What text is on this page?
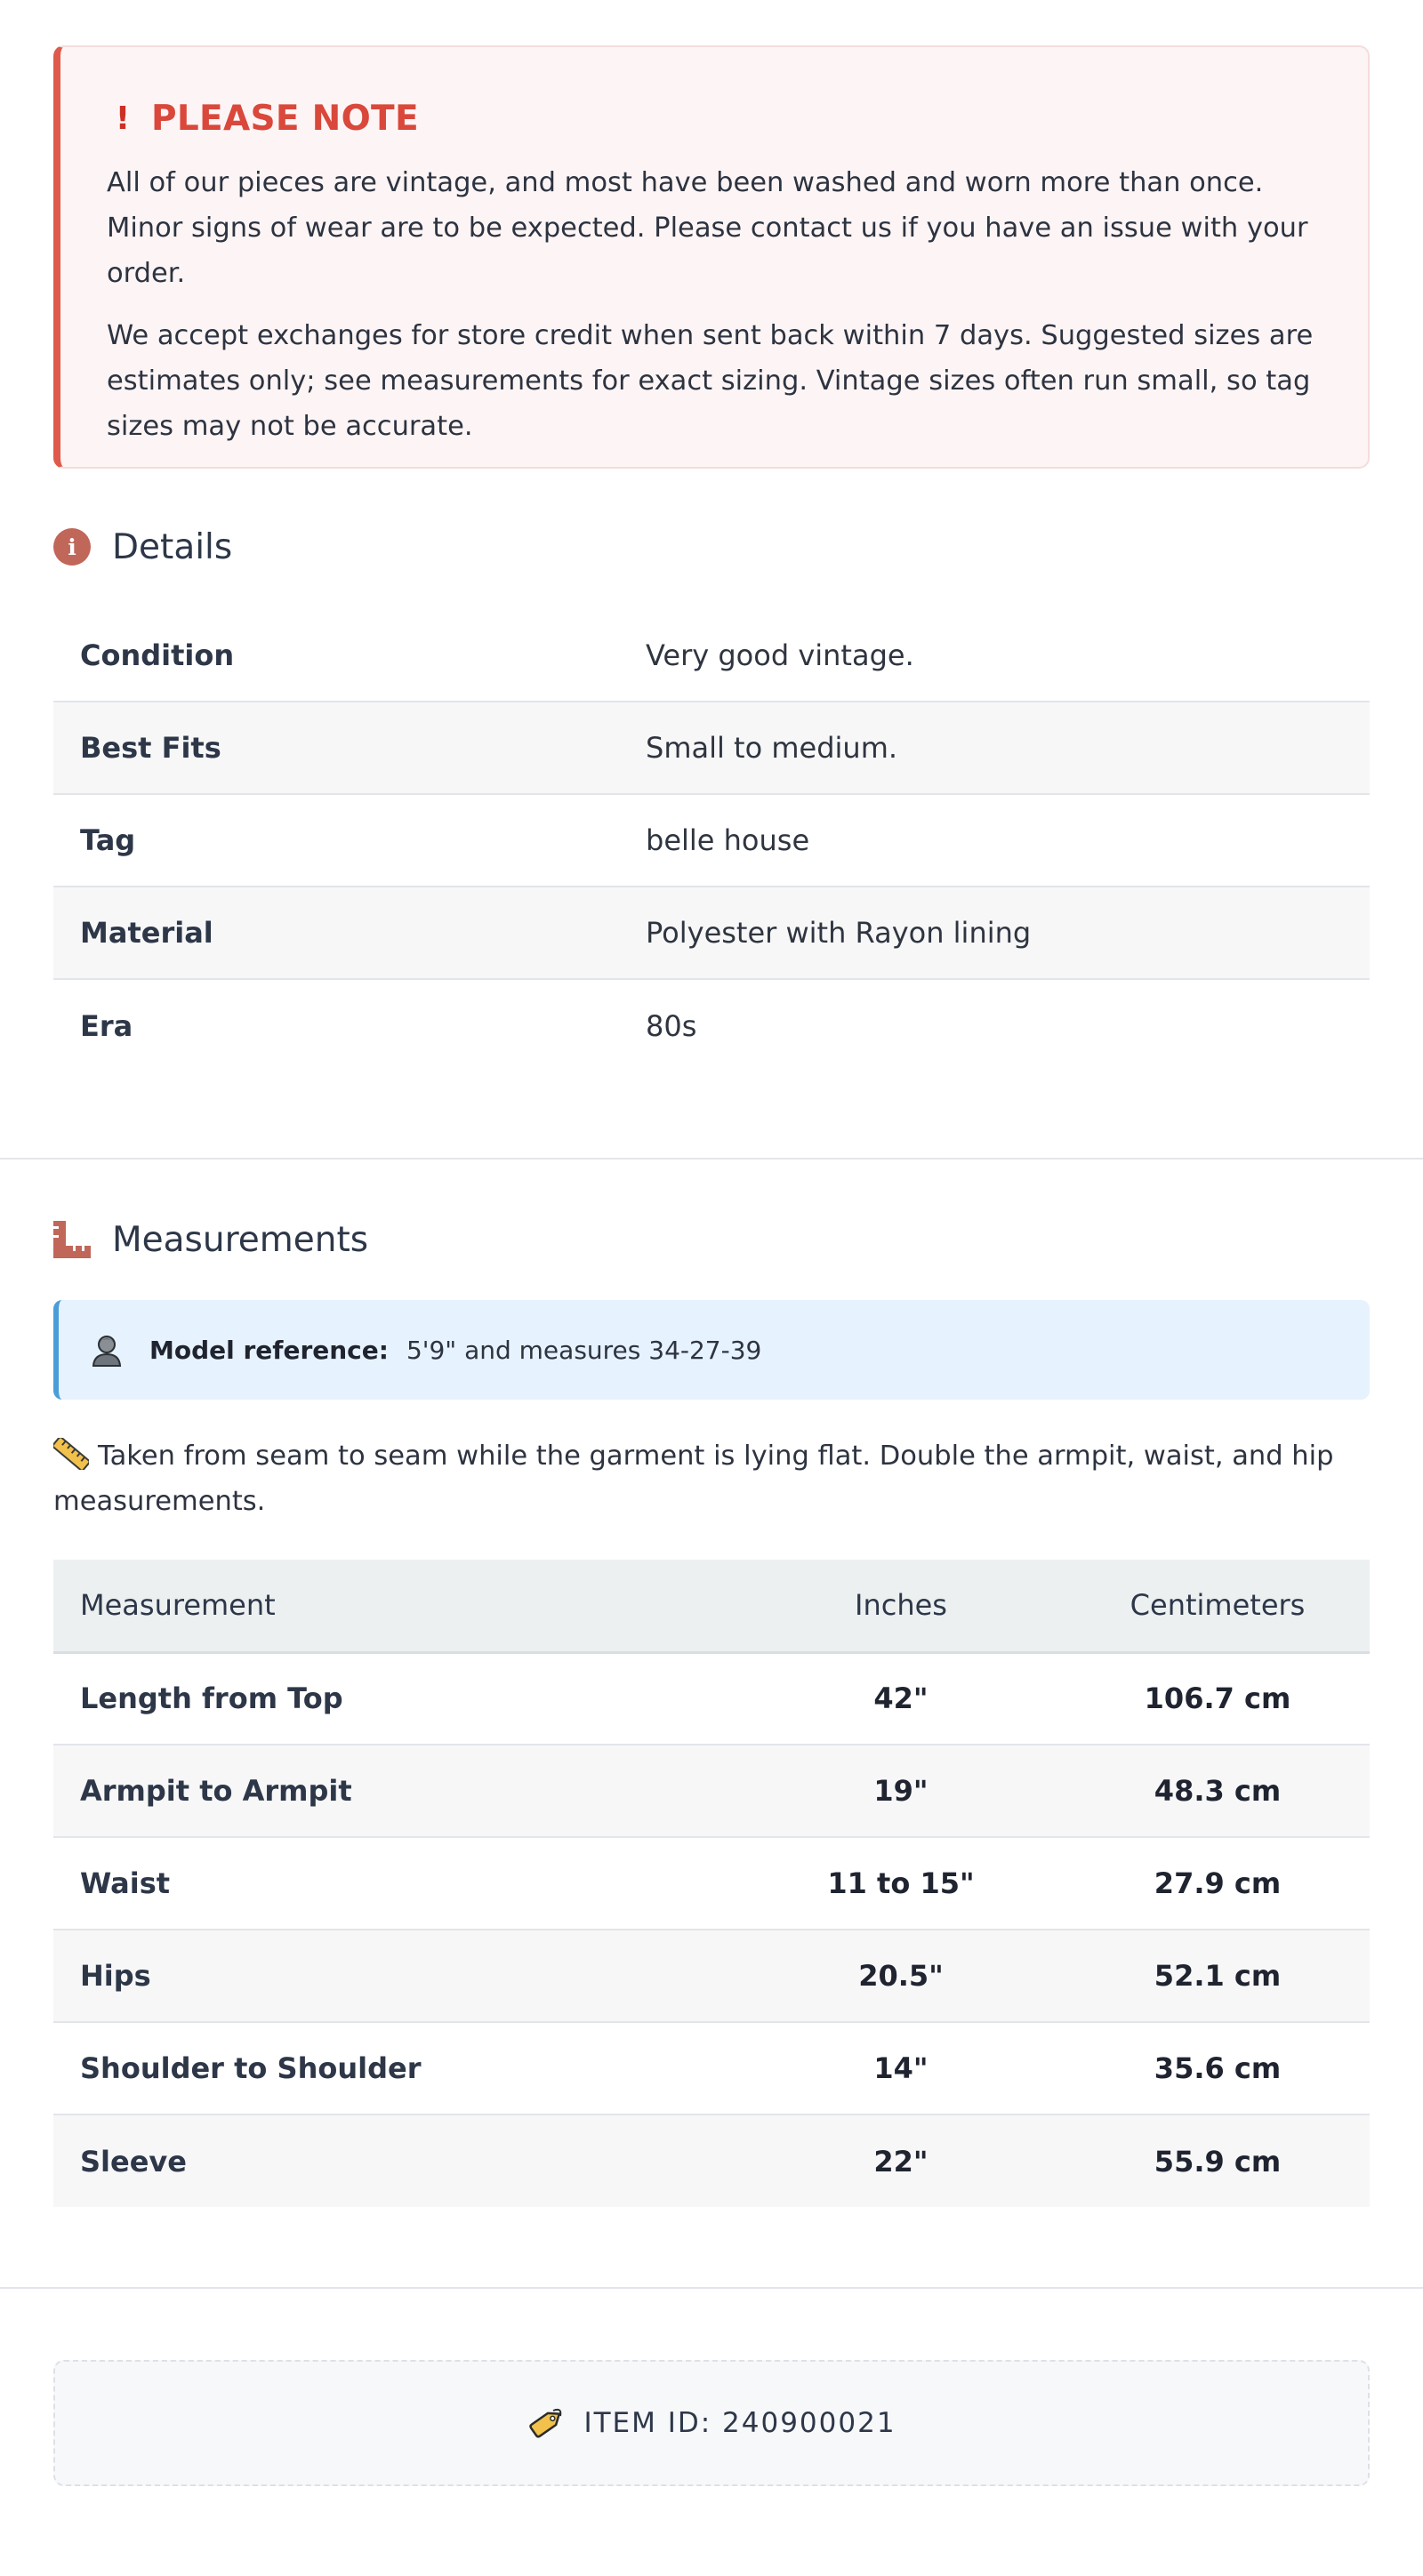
! PLEASE NOTE

All of our pieces are vintage, and most have been washed and worn more than once. Minor signs of wear are to be expected. Please contact us if you have an issue with your order.

We accept exchanges for store credit when sent back within 7 days. Suggested sizes are estimates only; see measurements for exact sizing. Vintage sizes often run small, so tag sizes may not be accurate.

i	Details
Condition	Very good vintage.
Best Fits	Small to medium.
Tag	belle house
Material	Polyester with Rayon lining
Era	80s
Measurements
Model reference: 5'9" and measures 34-27-39

Taken from seam to seam while the garment is lying flat. Double the armpit, waist, and hip measurements.

Measurement	Inches	Centimeters
Length from Top	42"	106.7 cm
Armpit to Armpit	19"	48.3 cm
Waist	11 to 15"	27.9 cm
Hips	20.5"	52.1 cm
Shoulder to Shoulder	14"	35.6 cm
Sleeve	22"	55.9 cm
ITEM ID: 240900021
